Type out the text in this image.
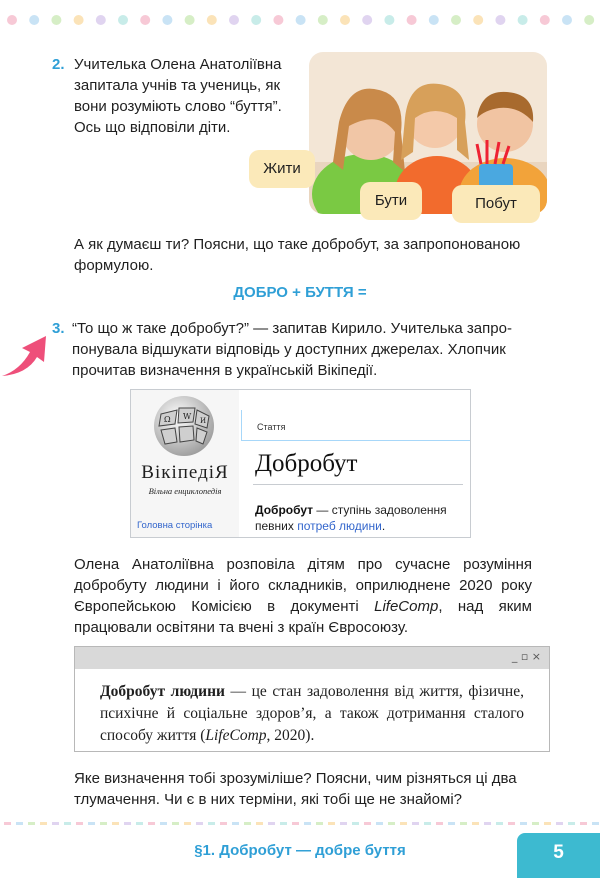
2. Учителька Олена Анатоліївна запитала учнів та учениць, як вони розуміють слово “буття”. Ось що відповіли діти.
Жити
Бути	Побут
А як думаєш ти? Поясни, що таке добробут, за запропонованою формулою.
ДОБРО + БУТТЯ =
3. “То що ж таке добробут?” — запитав Кирило. Учителька запропонувала відшукати відповідь у доступних джерелах. Хлопчик прочитав визначення в українській Вікіпедії.
Ω W И
ВікіпедіЯ
Вільна енциклопедія
Головна сторінка
Стаття
Добробут
Добробут — ступінь задоволення певних потреб людини.
Олена Анатоліївна розповіла дітям про сучасне розуміння добробуту людини і його складників, оприлюднене 2020 року Європейською Комісією в документі LifeComp, над яким працювали освітяни та вчені з країн Євросоюзу.
_ ▫ ×
Добробут людини — це стан задоволення від життя, фізичне, психічне й соціальне здоров’я, а також дотримання сталого способу життя (LifeComp, 2020).
Яке визначення тобі зрозуміліше? Поясни, чим різняться ці два тлумачення. Чи є в них терміни, які тобі ще не знайомі?
§1. Добробут — добре буття	5
